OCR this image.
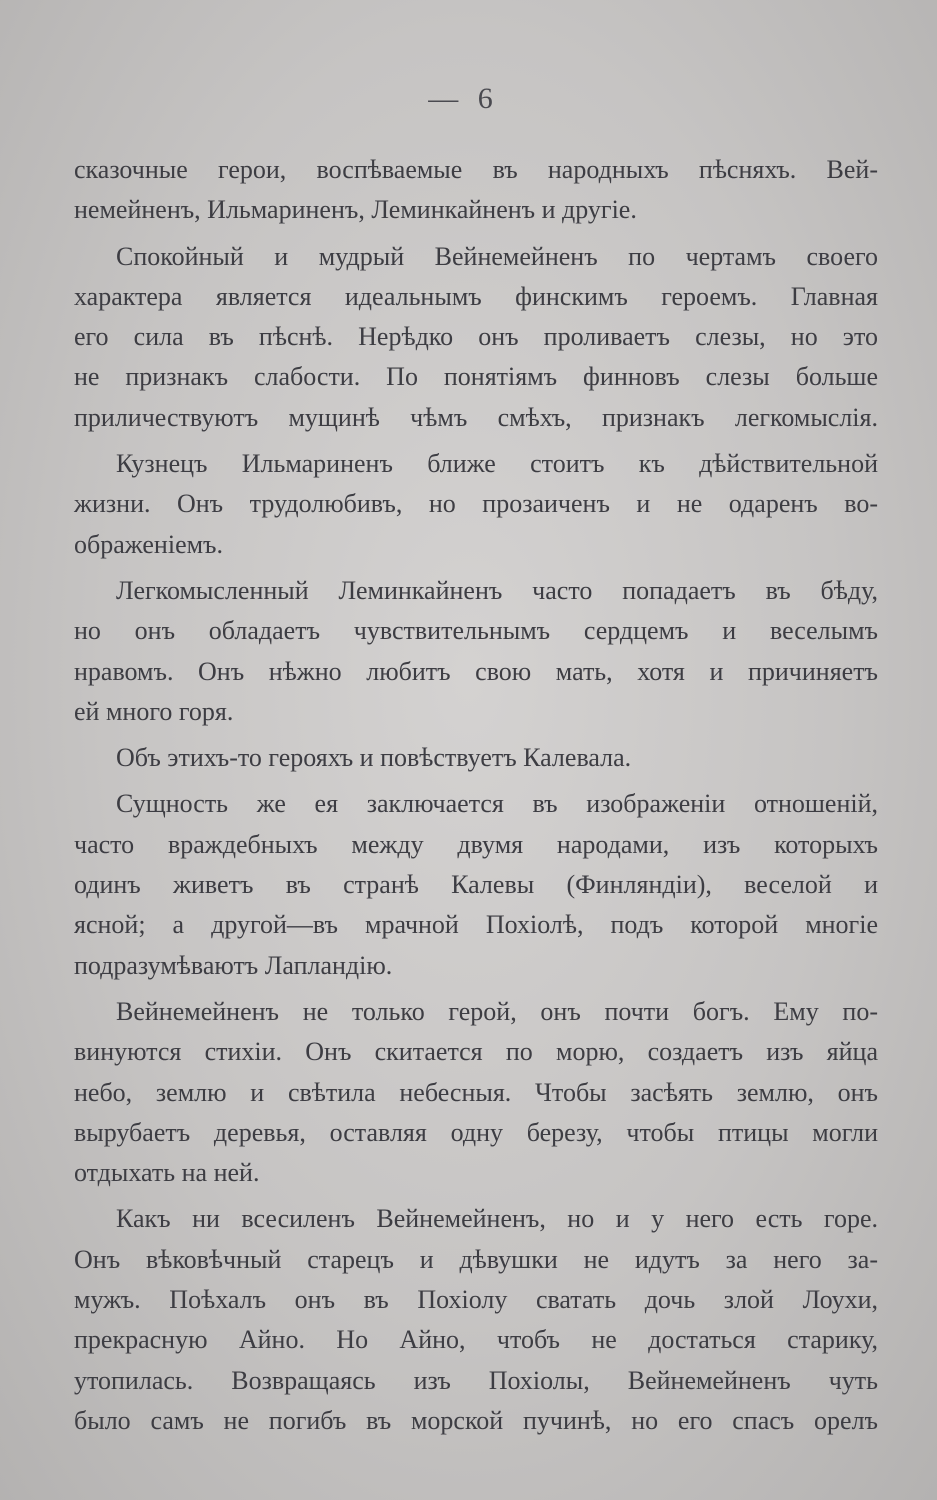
— 6
сказочные герои, воспѣваемые въ народныхъ пѣсняхъ. Вей-
немейненъ, Ильмариненъ, Леминкайненъ и другіе.
Спокойный и мудрый Вейнемейненъ по чертамъ своего
характера является идеальнымъ финскимъ героемъ. Главная
его сила въ пѣснѣ. Нерѣдко онъ проливаетъ слезы, но это
не признакъ слабости. По понятіямъ финновъ слезы больше
приличествуютъ мущинѣ чѣмъ смѣхъ, признакъ легкомыслія.
Кузнецъ Ильмариненъ ближе стоитъ къ дѣйствительной
жизни. Онъ трудолюбивъ, но прозаиченъ и не одаренъ во-
ображеніемъ.
Легкомысленный Леминкайненъ часто попадаетъ въ бѣду,
но онъ обладаетъ чувствительнымъ сердцемъ и веселымъ
нравомъ. Онъ нѣжно любитъ свою мать, хотя и причиняетъ
ей много горя.
Объ этихъ-то герояхъ и повѣствуетъ Калевала.
Сущность же ея заключается въ изображеніи отношеній,
часто враждебныхъ между двумя народами, изъ которыхъ
одинъ живетъ въ странѣ Калевы (Финляндіи), веселой и
ясной; а другой—въ мрачной Похіолѣ, подъ которой многіе
подразумѣваютъ Лапландію.
Вейнемейненъ не только герой, онъ почти богъ. Ему по-
винуются стихіи. Онъ скитается по морю, создаетъ изъ яйца
небо, землю и свѣтила небесныя. Чтобы засѣять землю, онъ
вырубаетъ деревья, оставляя одну березу, чтобы птицы могли
отдыхать на ней.
Какъ ни всесиленъ Вейнемейненъ, но и у него есть горе.
Онъ вѣковѣчный старецъ и дѣвушки не идутъ за него за-
мужъ. Поѣхалъ онъ въ Похіолу сватать дочь злой Лоухи,
прекрасную Айно. Но Айно, чтобъ не достаться старику,
утопилась. Возвращаясь изъ Похіолы, Вейнемейненъ чуть
было самъ не погибъ въ морской пучинѣ, но его спасъ орелъ
